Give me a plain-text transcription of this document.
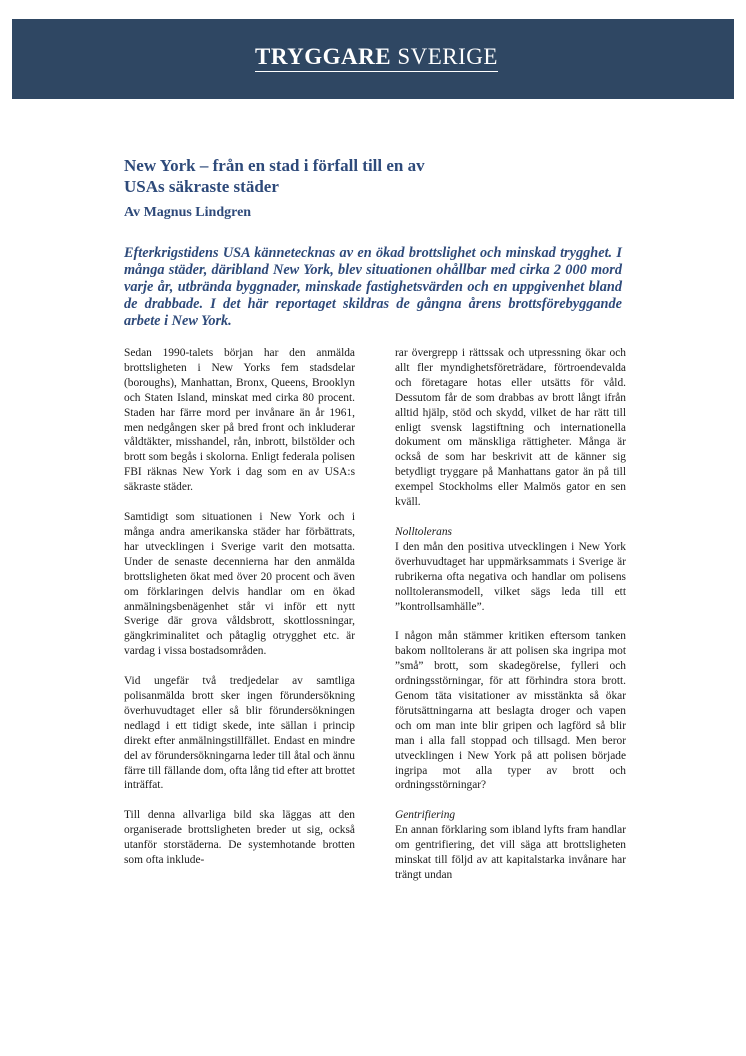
TRYGGARE SVERIGE
New York – från en stad i förfall till en av
USAs säkraste städer

Av Magnus Lindgren

Efterkrigstidens USA kännetecknas av en ökad brottslighet och minskad trygghet. I många städer, däribland New York, blev situationen ohållbar med cirka 2 000 mord varje år, utbrända byggnader, minskade fastighetsvärden och en uppgivenhet bland de drabbade. I det här reportaget skildras de gångna årens brottsförebyggande arbete i New York.

Sedan 1990-talets början har den anmälda brottsligheten i New Yorks fem stadsdelar (boroughs), Manhattan, Bronx, Queens, Brooklyn och Staten Island, minskat med cirka 80 procent. Staden har färre mord per invånare än år 1961, men nedgången sker på bred front och inkluderar våldtäkter, misshandel, rån, inbrott, bilstölder och brott som begås i skolorna. Enligt federala polisen FBI räknas New York i dag som en av USA:s säkraste städer.

Samtidigt som situationen i New York och i många andra amerikanska städer har förbättrats, har utvecklingen i Sverige varit den motsatta. Under de senaste decennierna har den anmälda brottsligheten ökat med över 20 procent och även om förklaringen delvis handlar om en ökad anmälningsbenägenhet står vi inför ett nytt Sverige där grova våldsbrott, skottlossningar, gängkriminalitet och påtaglig otrygghet etc. är vardag i vissa bostadsområden.

Vid ungefär två tredjedelar av samtliga polisanmälda brott sker ingen förundersökning överhuvudtaget eller så blir förundersökningen nedlagd i ett tidigt skede, inte sällan i princip direkt efter anmälningstillfället. Endast en mindre del av förundersökningarna leder till åtal och ännu färre till fällande dom, ofta lång tid efter att brottet inträffat.

Till denna allvarliga bild ska läggas att den organiserade brottsligheten breder ut sig, också utanför storstäderna. De systemhotande brotten som ofta inklude-

rar övergrepp i rättssak och utpressning ökar och allt fler myndighetsföreträdare, förtroendevalda och företagare hotas eller utsätts för våld. Dessutom får de som drabbas av brott långt ifrån alltid hjälp, stöd och skydd, vilket de har rätt till enligt svensk lagstiftning och internationella dokument om mänskliga rättigheter. Många är också de som har beskrivit att de känner sig betydligt tryggare på Manhattans gator än på till exempel Stockholms eller Malmös gator en sen kväll.

Nolltolerans

I den mån den positiva utvecklingen i New York överhuvudtaget har uppmärksammats i Sverige är rubrikerna ofta negativa och handlar om polisens nolltoleransmodell, vilket sägs leda till ett ”kontrollsamhälle”.

I någon mån stämmer kritiken eftersom tanken bakom nolltolerans är att polisen ska ingripa mot ”små” brott, som skadegörelse, fylleri och ordningsstörningar, för att förhindra stora brott. Genom täta visitationer av misstänkta så ökar förutsättningarna att beslagta droger och vapen och om man inte blir gripen och lagförd så blir man i alla fall stoppad och tillsagd. Men beror utvecklingen i New York på att polisen började ingripa mot alla typer av brott och ordningsstörningar?

Gentrifiering

En annan förklaring som ibland lyfts fram handlar om gentrifiering, det vill säga att brottsligheten minskat till följd av att kapitalstarka invånare har trängt undan
